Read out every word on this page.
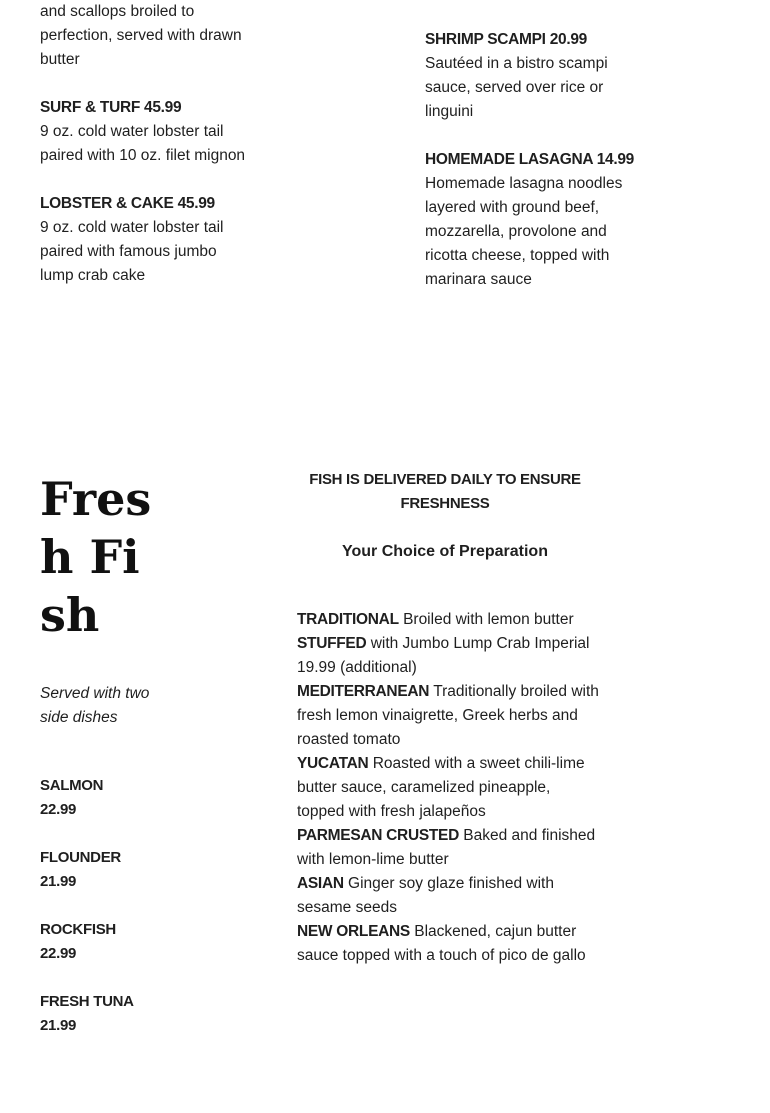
and scallops broiled to perfection, served with drawn butter
SURF & TURF 45.99
9 oz. cold water lobster tail paired with 10 oz. filet mignon
LOBSTER & CAKE 45.99
9 oz. cold water lobster tail paired with famous jumbo lump crab cake
SHRIMP SCAMPI 20.99
Sautéed in a bistro scampi sauce, served over rice or linguini
HOMEMADE LASAGNA 14.99
Homemade lasagna noodles layered with ground beef, mozzarella, provolone and ricotta cheese, topped with marinara sauce
Fresh Fish
Served with two side dishes
SALMON 22.99
FLOUNDER 21.99
ROCKFISH 22.99
FRESH TUNA 21.99
FISH IS DELIVERED DAILY TO ENSURE FRESHNESS
Your Choice of Preparation
TRADITIONAL Broiled with lemon butter
STUFFED with Jumbo Lump Crab Imperial 19.99 (additional)
MEDITERRANEAN Traditionally broiled with fresh lemon vinaigrette, Greek herbs and roasted tomato
YUCATAN Roasted with a sweet chili-lime butter sauce, caramelized pineapple, topped with fresh jalapeños
PARMESAN CRUSTED Baked and finished with lemon-lime butter
ASIAN Ginger soy glaze finished with sesame seeds
NEW ORLEANS Blackened, cajun butter sauce topped with a touch of pico de gallo
